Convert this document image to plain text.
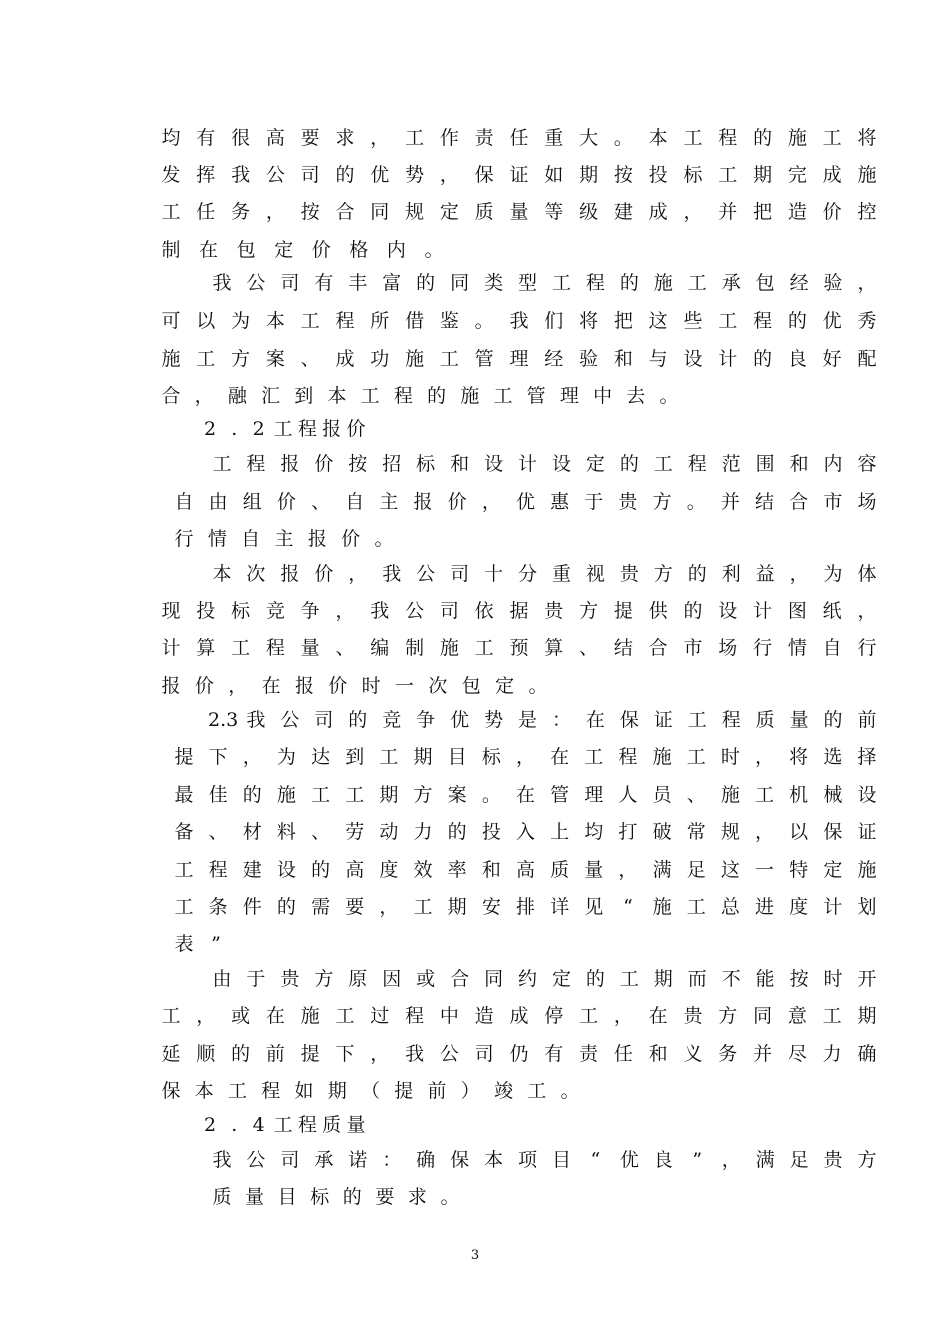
均 有 很 高 要 求 ， 工 作 责 任 重 大 。 本 工 程 的 施 工 将
发 挥 我 公 司 的 优 势 ， 保 证 如 期 按 投 标 工 期 完 成 施
工 任 务 ， 按 合 同 规 定 质 量 等 级 建 成 ， 并 把 造 价 控
制 在 包 定 价 格 内 。
我 公 司 有 丰 富 的 同 类 型 工 程 的 施 工 承 包 经 验 ，
可 以 为 本 工 程 所 借 鉴 。 我 们 将 把 这 些 工 程 的 优 秀
施 工 方 案 、 成 功 施 工 管 理 经 验 和 与 设 计 的 良 好 配
合 ， 融 汇 到 本 工 程 的 施 工 管 理 中 去 。
2 . 2 工 程 报 价
工 程 报 价 按 招 标 和 设 计 设 定 的 工 程 范 围 和 内 容
自 由 组 价 、 自 主 报 价 ， 优 惠 于 贵 方 。 并 结 合 市 场
行 情 自 主 报 价 。
本 次 报 价 ， 我 公 司 十 分 重 视 贵 方 的 利 益 ， 为 体
现 投 标 竞 争 ， 我 公 司 依 据 贵 方 提 供 的 设 计 图 纸 ，
计 算 工 程 量 、 编 制 施 工 预 算 、 结 合 市 场 行 情 自 行
报 价 ， 在 报 价 时 一 次 包 定 。
2.3 我 公 司 的 竞 争 优 势 是 ： 在 保 证 工 程 质 量 的 前
提 下 ， 为 达 到 工 期 目 标 ， 在 工 程 施 工 时 ， 将 选 择
最 佳 的 施 工 工 期 方 案 。 在 管 理 人 员 、 施 工 机 械 设
备 、 材 料 、 劳 动 力 的 投 入 上 均 打 破 常 规 ， 以 保 证
工 程 建 设 的 高 度 效 率 和 高 质 量 ， 满 足 这 一 特 定 施
工 条 件 的 需 要 ， 工 期 安 排 详 见	“	施 工 总 进 度 计 划
表 ”
由 于 贵 方 原 因 或 合 同 约 定 的 工 期 而 不 能 按 时 开
工 ， 或 在 施 工 过 程 中 造 成 停 工 ， 在 贵 方 同 意 工 期
延 顺 的 前 提 下 ， 我 公 司 仍 有 责 任 和 义 务 并 尽 力 确
保 本 工 程 如 期 （ 提 前 ） 竣 工 。
2 . 4 工 程 质 量
我 公 司 承 诺 ： 确 保 本 项 目	“	优 良	”	， 满 足 贵 方
质 量 目 标 的 要 求 。
3
